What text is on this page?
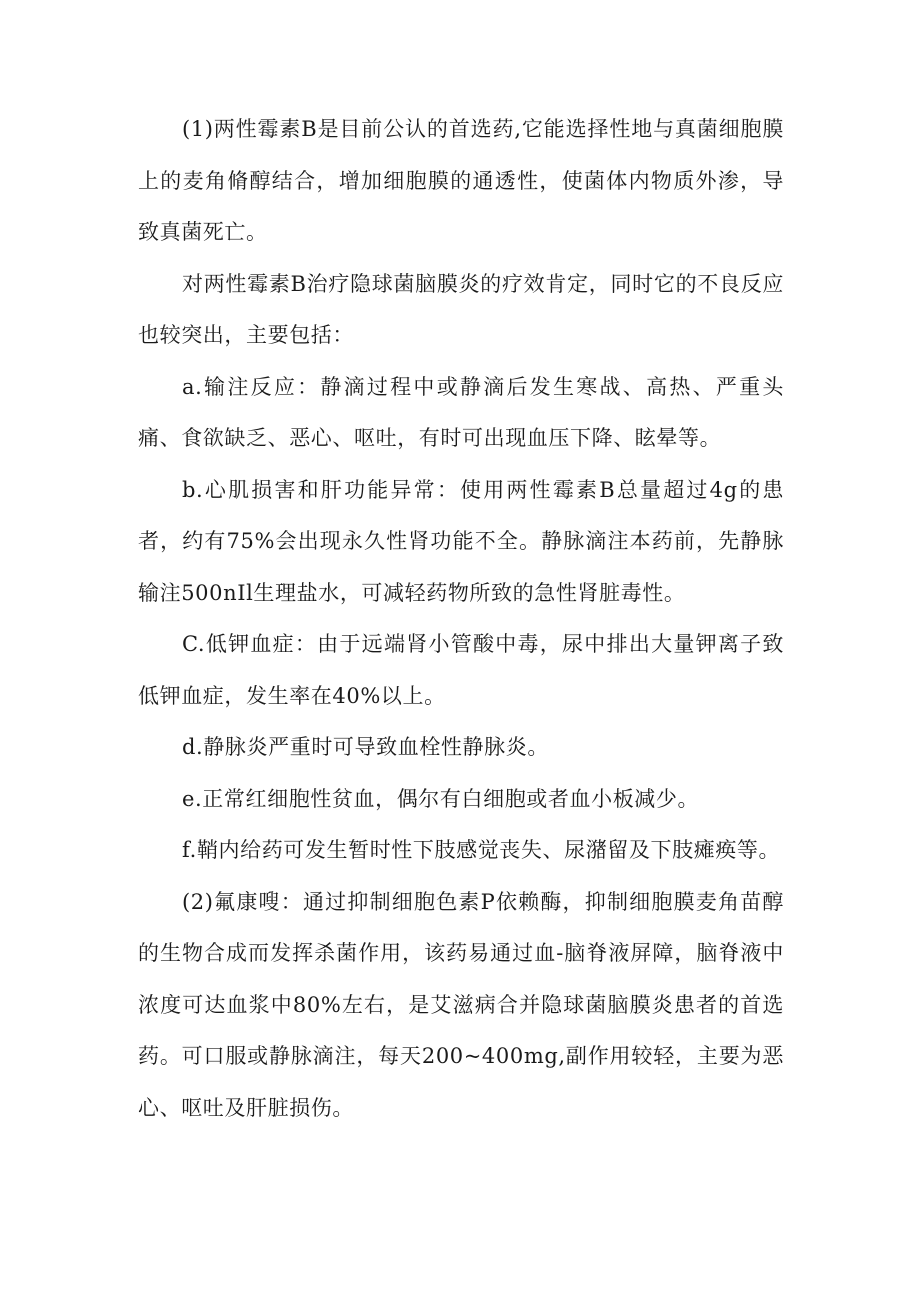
(1)两性霉素B是目前公认的首选药,它能选择性地与真菌细胞膜上的麦角脩醇结合，增加细胞膜的通透性，使菌体内物质外渗，导致真菌死亡。

对两性霉素B治疗隐球菌脑膜炎的疗效肯定，同时它的不良反应也较突出，主要包括：

a.输注反应：静滴过程中或静滴后发生寒战、高热、严重头痛、食欲缺乏、恶心、呕吐，有时可出现血压下降、眩晕等。

b.心肌损害和肝功能异常：使用两性霉素B总量超过4g的患者，约有75%会出现永久性肾功能不全。静脉滴注本药前，先静脉输注500nIl生理盐水，可减轻药物所致的急性肾脏毒性。

C.低钾血症：由于远端肾小管酸中毒，尿中排出大量钾离子致低钾血症，发生率在40%以上。

d.静脉炎严重时可导致血栓性静脉炎。

e.正常红细胞性贫血，偶尔有白细胞或者血小板减少。

f.鞘内给药可发生暂时性下肢感觉丧失、尿潴留及下肢瘫痪等。

(2)氟康嗖：通过抑制细胞色素P依赖酶，抑制细胞膜麦角苗醇的生物合成而发挥杀菌作用，该药易通过血-脑脊液屏障，脑脊液中浓度可达血浆中80%左右，是艾滋病合并隐球菌脑膜炎患者的首选药。可口服或静脉滴注，每天200~400mg,副作用较轻，主要为恶心、呕吐及肝脏损伤。
